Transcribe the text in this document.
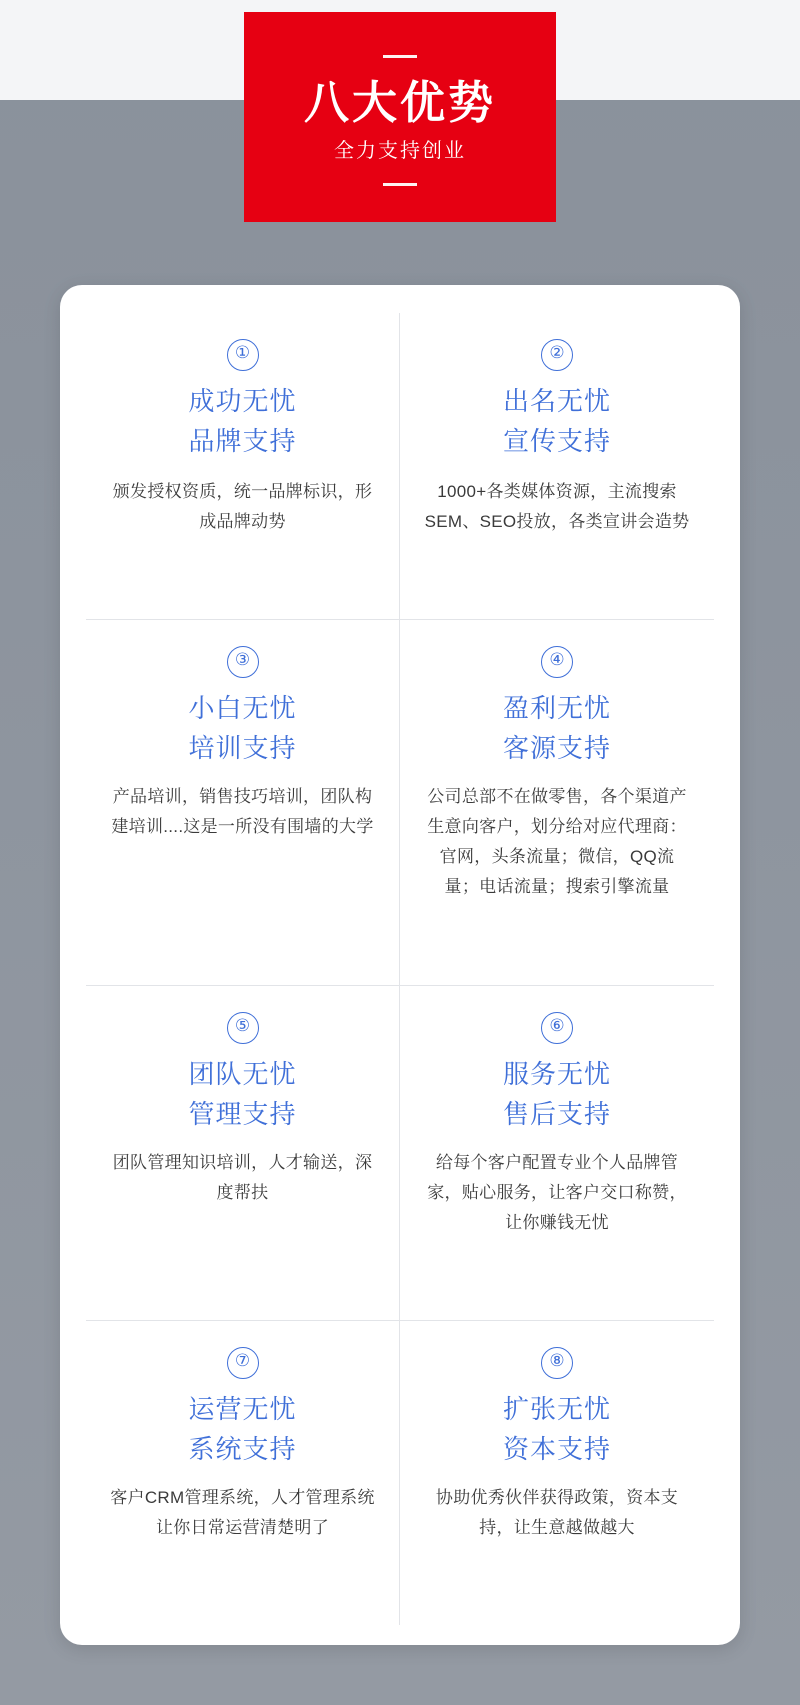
八大优势
全力支持创业
①
成功无忧
品牌支持
颁发授权资质，统一品牌标识，形成品牌动势
②
出名无忧
宣传支持
1000+各类媒体资源，主流搜索SEM、SEO投放，各类宣讲会造势
③
小白无忧
培训支持
产品培训，销售技巧培训，团队构建培训....这是一所没有围墙的大学
④
盈利无忧
客源支持
公司总部不在做零售，各个渠道产生意向客户，划分给对应代理商：官网，头条流量；微信，QQ流量；电话流量；搜索引擎流量
⑤
团队无忧
管理支持
团队管理知识培训，人才输送，深度帮扶
⑥
服务无忧
售后支持
给每个客户配置专业个人品牌管家，贴心服务，让客户交口称赞，让你赚钱无忧
⑦
运营无忧
系统支持
客户CRM管理系统，人才管理系统让你日常运营清楚明了
⑧
扩张无忧
资本支持
协助优秀伙伴获得政策，资本支持，让生意越做越大
